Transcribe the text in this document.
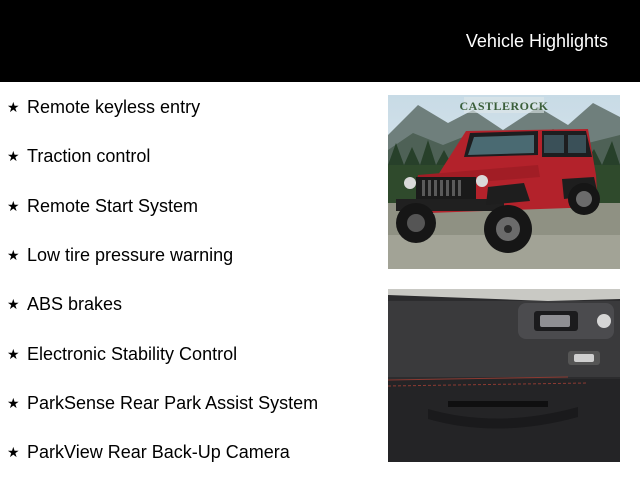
Vehicle Highlights
★ Remote keyless entry
★ Traction control
★ Remote Start System
★ Low tire pressure warning
★ ABS brakes
★ Electronic Stability Control
★ ParkSense Rear Park Assist System
★ ParkView Rear Back-Up Camera
CASTLEROCK
